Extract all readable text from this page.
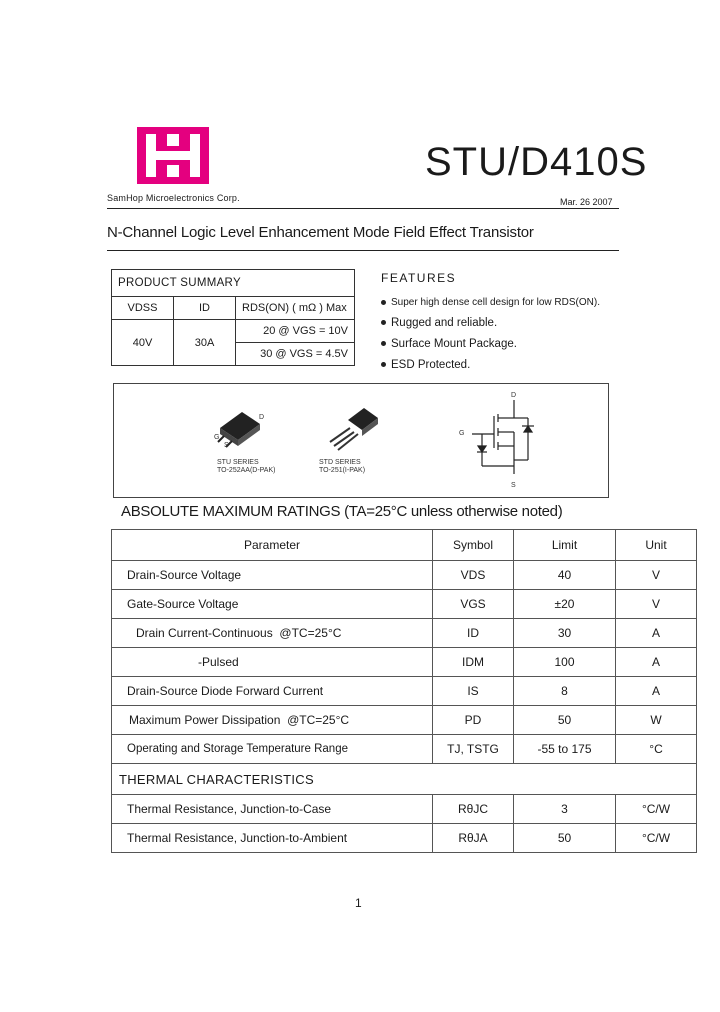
SamHop Microelectronics Corp.
STU/D410S
Mar. 26 2007
N-Channel Logic Level Enhancement Mode Field Effect Transistor
PRODUCT SUMMARY		
VDSS	ID	RDS(ON) ( mΩ ) Max
40V	30A	20 @ VGS = 10V
		30 @ VGS = 4.5V
FEATURES
Super high dense cell design for low RDS(ON).
Rugged and reliable.
Surface Mount Package.
ESD Protected.
D
G
S
STU SERIES
TO-252AA(D-PAK)
STD SERIES
TO-251(I-PAK)
D
G
S
ABSOLUTE MAXIMUM RATINGS (TA=25°C unless otherwise noted)
Parameter	Symbol	Limit	Unit
Drain-Source Voltage	VDS	40	V
Gate-Source Voltage	VGS	±20	V
Drain Current-Continuous @TC=25°C	ID	30	A
-Pulsed	IDM	100	A
Drain-Source Diode Forward Current	IS	8	A
Maximum Power Dissipation @TC=25°C	PD	50	W
Operating and Storage Temperature Range	TJ, TSTG	-55 to 175	°C
THERMAL CHARACTERISTICS			
Thermal Resistance, Junction-to-Case	RθJC	3	°C/W
Thermal Resistance, Junction-to-Ambient	RθJA	50	°C/W
1
